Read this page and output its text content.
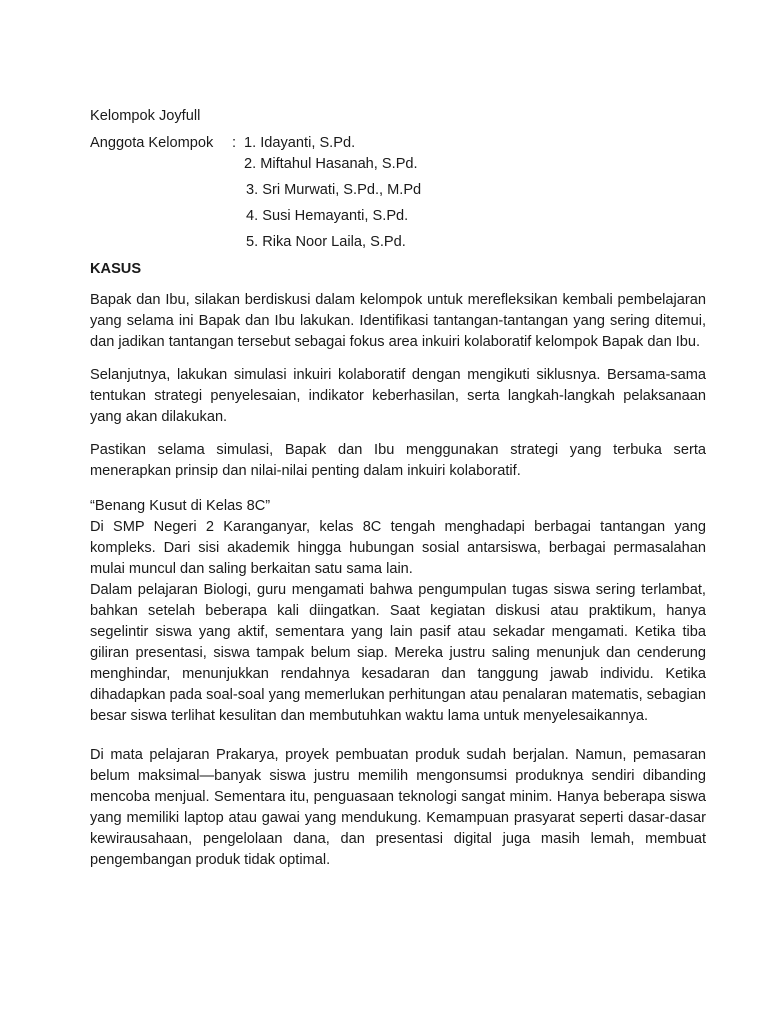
Kelompok Joyfull

Anggota Kelompok	: 1. Idayanti, S.Pd.
2. Miftahul Hasanah, S.Pd.
3. Sri Murwati, S.Pd., M.Pd
4. Susi Hemayanti, S.Pd.
5. Rika Noor Laila, S.Pd.

KASUS

Bapak dan Ibu, silakan berdiskusi dalam kelompok untuk merefleksikan kembali pembelajaran yang selama ini Bapak dan Ibu lakukan. Identifikasi tantangan-tantangan yang sering ditemui, dan jadikan tantangan tersebut sebagai fokus area inkuiri kolaboratif kelompok Bapak dan Ibu.

Selanjutnya, lakukan simulasi inkuiri kolaboratif dengan mengikuti siklusnya. Bersama-sama tentukan strategi penyelesaian, indikator keberhasilan, serta langkah-langkah pelaksanaan yang akan dilakukan.

Pastikan selama simulasi, Bapak dan Ibu menggunakan strategi yang terbuka serta menerapkan prinsip dan nilai-nilai penting dalam inkuiri kolaboratif.

“Benang Kusut di Kelas 8C”

Di SMP Negeri 2 Karanganyar, kelas 8C tengah menghadapi berbagai tantangan yang kompleks. Dari sisi akademik hingga hubungan sosial antarsiswa, berbagai permasalahan mulai muncul dan saling berkaitan satu sama lain.

Dalam pelajaran Biologi, guru mengamati bahwa pengumpulan tugas siswa sering terlambat, bahkan setelah beberapa kali diingatkan. Saat kegiatan diskusi atau praktikum, hanya segelintir siswa yang aktif, sementara yang lain pasif atau sekadar mengamati. Ketika tiba giliran presentasi, siswa tampak belum siap. Mereka justru saling menunjuk dan cenderung menghindar, menunjukkan rendahnya kesadaran dan tanggung jawab individu. Ketika dihadapkan pada soal-soal yang memerlukan perhitungan atau penalaran matematis, sebagian besar siswa terlihat kesulitan dan membutuhkan waktu lama untuk menyelesaikannya.

Di mata pelajaran Prakarya, proyek pembuatan produk sudah berjalan. Namun, pemasaran belum maksimal—banyak siswa justru memilih mengonsumsi produknya sendiri dibanding mencoba menjual. Sementara itu, penguasaan teknologi sangat minim. Hanya beberapa siswa yang memiliki laptop atau gawai yang mendukung. Kemampuan prasyarat seperti dasar-dasar kewirausahaan, pengelolaan dana, dan presentasi digital juga masih lemah, membuat pengembangan produk tidak optimal.
